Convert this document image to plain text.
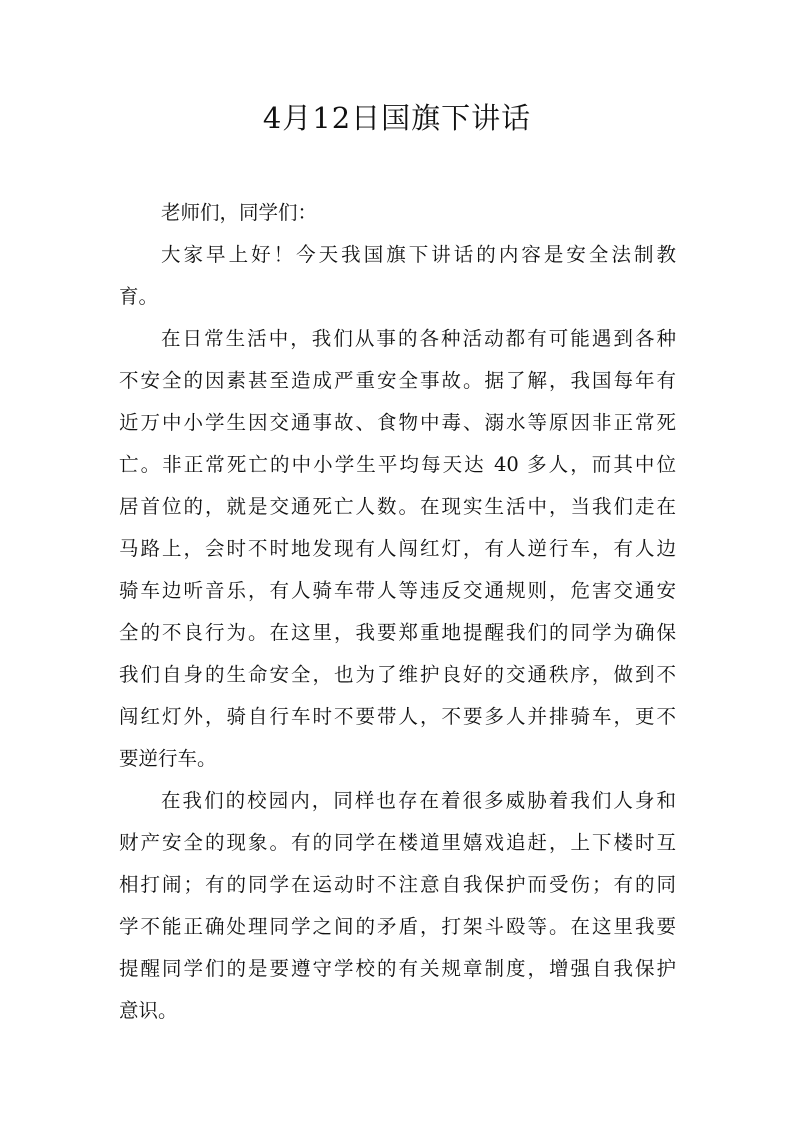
4月12日国旗下讲话
老师们，同学们：
大家早上好！今天我国旗下讲话的内容是安全法制教
育。
在日常生活中，我们从事的各种活动都有可能遇到各种
不安全的因素甚至造成严重安全事故。据了解，我国每年有
近万中小学生因交通事故、食物中毒、溺水等原因非正常死
亡。非正常死亡的中小学生平均每天达 40 多人，而其中位
居首位的，就是交通死亡人数。在现实生活中，当我们走在
马路上，会时不时地发现有人闯红灯，有人逆行车，有人边
骑车边听音乐，有人骑车带人等违反交通规则，危害交通安
全的不良行为。在这里，我要郑重地提醒我们的同学为确保
我们自身的生命安全，也为了维护良好的交通秩序，做到不
闯红灯外，骑自行车时不要带人，不要多人并排骑车，更不
要逆行车。
在我们的校园内，同样也存在着很多威胁着我们人身和
财产安全的现象。有的同学在楼道里嬉戏追赶，上下楼时互
相打闹；有的同学在运动时不注意自我保护而受伤；有的同
学不能正确处理同学之间的矛盾，打架斗殴等。在这里我要
提醒同学们的是要遵守学校的有关规章制度，增强自我保护
意识。
